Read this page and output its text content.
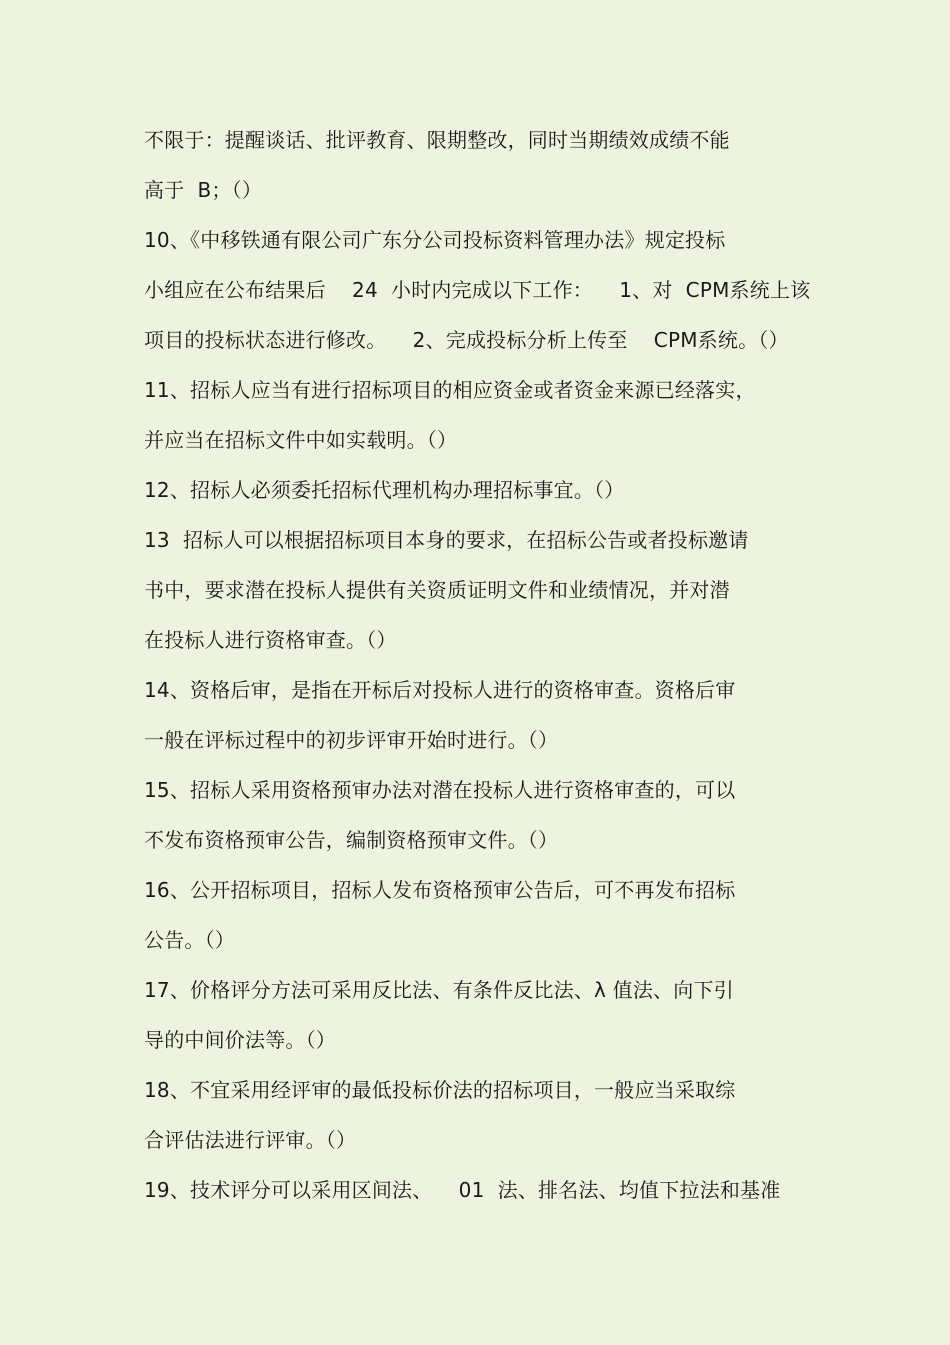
不限于：提醒谈话、批评教育、限期整改，同时当期绩效成绩不能
高于  B；（）
10、《中移铁通有限公司广东分公司投标资料管理办法》规定投标
小组应在公布结果后    24  小时内完成以下工作：    1、对  CPM系统上该
项目的投标状态进行修改。    2、完成投标分析上传至    CPM系统。（）
11、招标人应当有进行招标项目的相应资金或者资金来源已经落实，
并应当在招标文件中如实载明。（）
12、招标人必须委托招标代理机构办理招标事宜。（）
13  招标人可以根据招标项目本身的要求，在招标公告或者投标邀请
书中，要求潜在投标人提供有关资质证明文件和业绩情况，并对潜
在投标人进行资格审查。（）
14、资格后审，是指在开标后对投标人进行的资格审查。资格后审
一般在评标过程中的初步评审开始时进行。（）
15、招标人采用资格预审办法对潜在投标人进行资格审查的，可以
不发布资格预审公告，编制资格预审文件。（）
16、公开招标项目，招标人发布资格预审公告后，可不再发布招标
公告。（）
17、价格评分方法可采用反比法、有条件反比法、λ 值法、向下引
导的中间价法等。（）
18、不宜采用经评审的最低投标价法的招标项目，一般应当采取综
合评估法进行评审。（）
19、技术评分可以采用区间法、    01  法、排名法、均值下拉法和基准
